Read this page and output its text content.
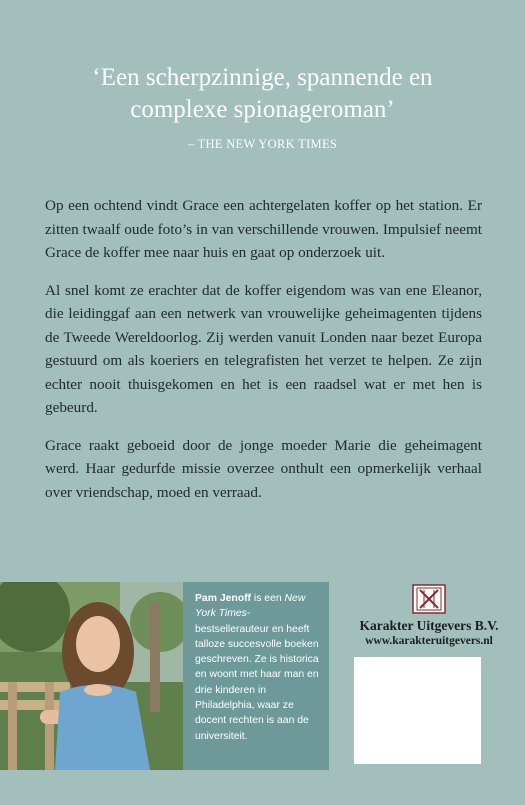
‘Een scherpzinnige, spannende en
complexe spionageroman’
– THE NEW YORK TIMES

Op een ochtend vindt Grace een achtergelaten koffer op het station. Er zitten twaalf oude foto’s in van verschillende vrouwen. Impulsief neemt Grace de koffer mee naar huis en gaat op onderzoek uit.

Al snel komt ze erachter dat de koffer eigendom was van ene Eleanor, die leidinggaf aan een netwerk van vrouwelijke geheimagenten tijdens de Tweede Wereldoorlog. Zij werden vanuit Londen naar bezet Europa gestuurd om als koeriers en telegrafisten het verzet te helpen. Ze zijn echter nooit thuisgekomen en het is een raadsel wat er met hen is gebeurd.

Grace raakt geboeid door de jonge moeder Marie die geheimagent werd. Haar gedurfde missie overzee onthult een opmerkelijk verhaal over vriendschap, moed en verraad.

Pam Jenoff is een New York Times-bestsellerauteur en heeft talloze succesvolle boeken geschreven. Ze is historica en woont met haar man en drie kinderen in Philadelphia, waar ze docent rechten is aan de universiteit.
Karakter Uitgevers B.V.
www.karakteruitgevers.nl
